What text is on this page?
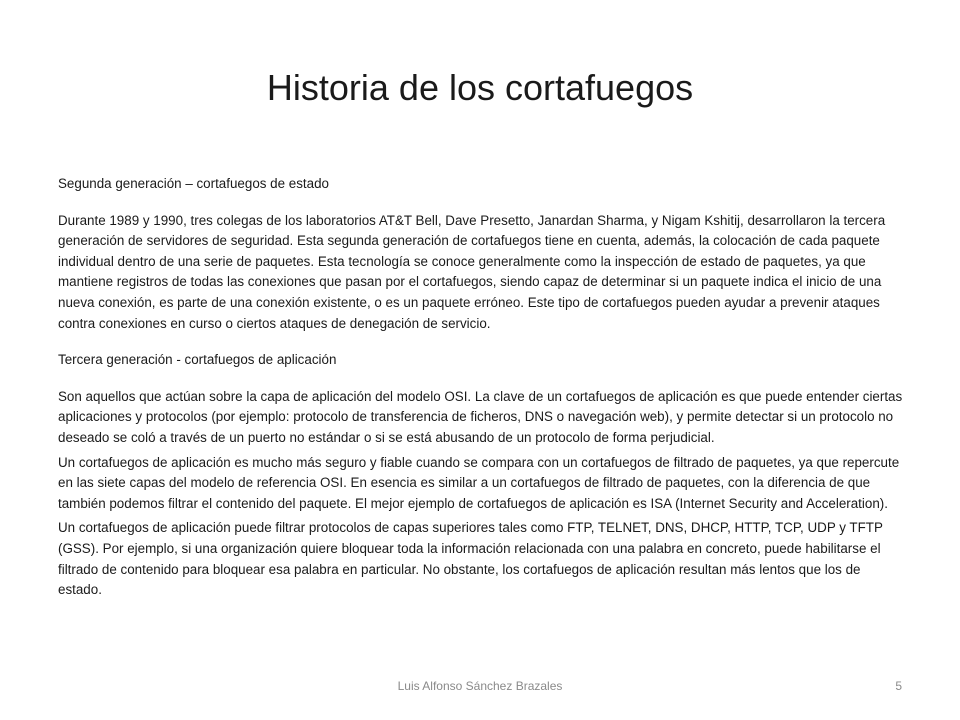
Historia de los cortafuegos

Segunda generación – cortafuegos de estado

Durante 1989 y 1990, tres colegas de los laboratorios AT&T Bell, Dave Presetto, Janardan Sharma, y Nigam Kshitij, desarrollaron la tercera generación de servidores de seguridad. Esta segunda generación de cortafuegos tiene en cuenta, además, la colocación de cada paquete individual dentro de una serie de paquetes. Esta tecnología se conoce generalmente como la inspección de estado de paquetes, ya que mantiene registros de todas las conexiones que pasan por el cortafuegos, siendo capaz de determinar si un paquete indica el inicio de una nueva conexión, es parte de una conexión existente, o es un paquete erróneo. Este tipo de cortafuegos pueden ayudar a prevenir ataques contra conexiones en curso o ciertos ataques de denegación de servicio.

Tercera generación - cortafuegos de aplicación

Son aquellos que actúan sobre la capa de aplicación del modelo OSI. La clave de un cortafuegos de aplicación es que puede entender ciertas aplicaciones y protocolos (por ejemplo: protocolo de transferencia de ficheros, DNS o navegación web), y permite detectar si un protocolo no deseado se coló a través de un puerto no estándar o si se está abusando de un protocolo de forma perjudicial.

Un cortafuegos de aplicación es mucho más seguro y fiable cuando se compara con un cortafuegos de filtrado de paquetes, ya que repercute en las siete capas del modelo de referencia OSI. En esencia es similar a un cortafuegos de filtrado de paquetes, con la diferencia de que también podemos filtrar el contenido del paquete. El mejor ejemplo de cortafuegos de aplicación es ISA (Internet Security and Acceleration).

Un cortafuegos de aplicación puede filtrar protocolos de capas superiores tales como FTP, TELNET, DNS, DHCP, HTTP, TCP, UDP y TFTP (GSS). Por ejemplo, si una organización quiere bloquear toda la información relacionada con una palabra en concreto, puede habilitarse el filtrado de contenido para bloquear esa palabra en particular. No obstante, los cortafuegos de aplicación resultan más lentos que los de estado.

Luis Alfonso Sánchez Brazales	5
